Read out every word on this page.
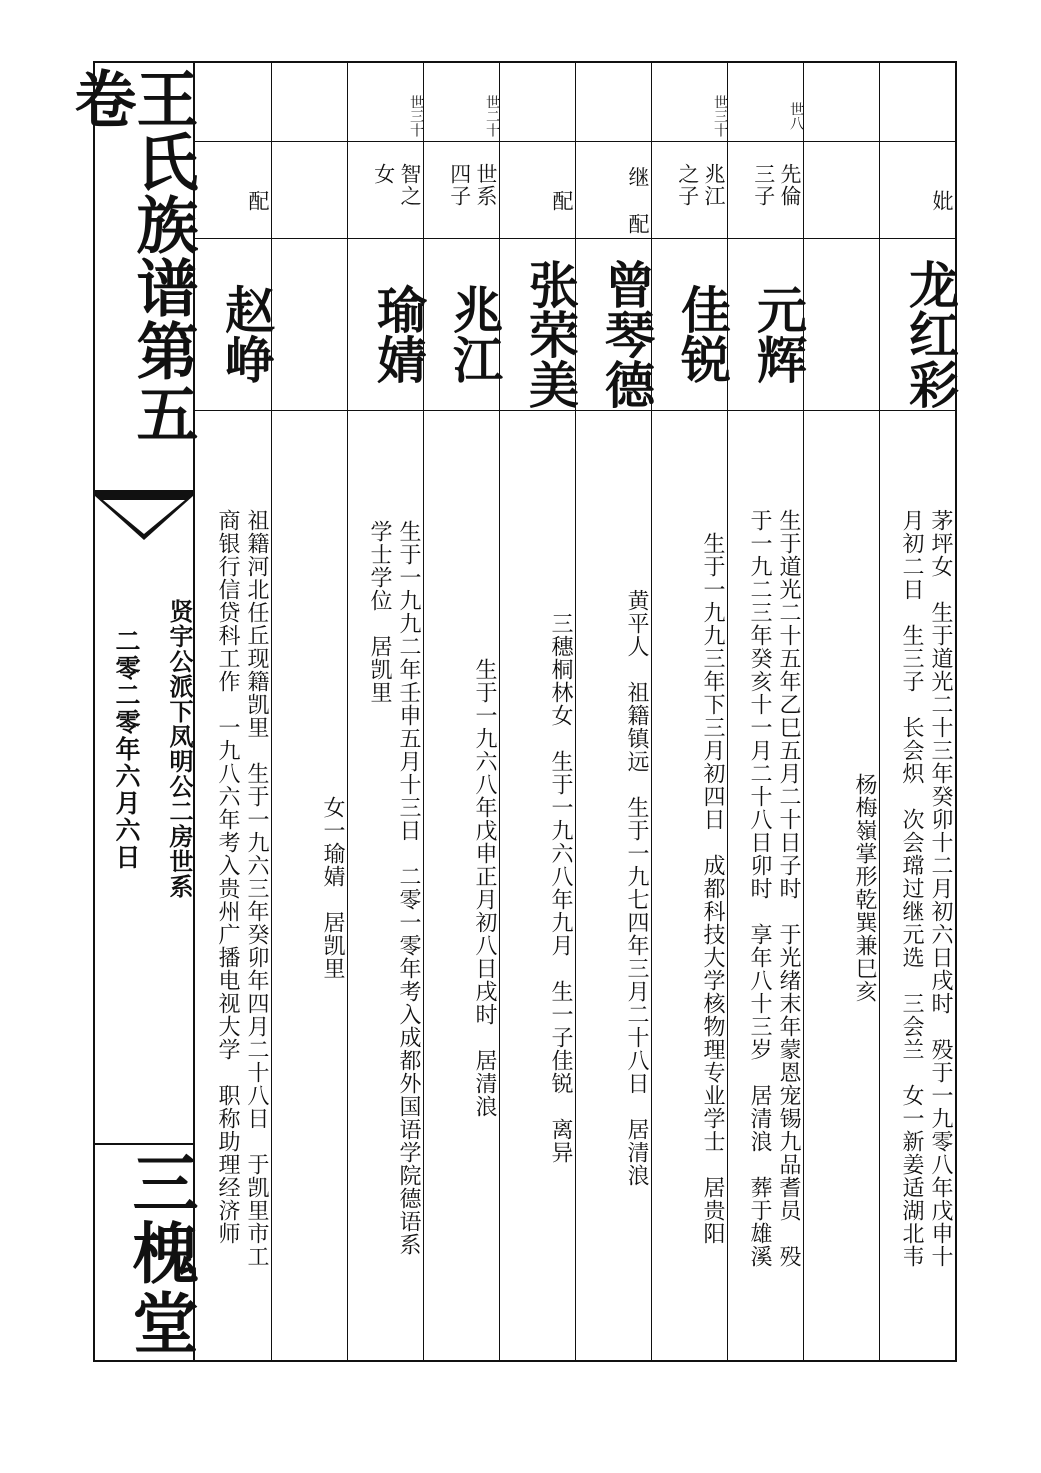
王氏族谱第五卷
贤宇公派下凤明公二房世系
二零二零年六月六日
三槐堂
配
赵峥
祖籍河北任丘现籍凯里　生于一九六三年癸卯年四月二十八日　于凯里市工
商银行信贷科工作　一九八六年考入贵州广播电视大学　职称助理经济师
女一瑜婧　居凯里
世三十
智之 女
瑜婧
生于一九九二年壬申五月十三日　二零一零年考入成都外国语学院德语系
学士学位　居凯里
世二十
世系 四子
兆江
生于一九六八年戊申正月初八日戌时　居清浪
配
张荣美
三穗桐林女　生于一九六八年九月　生一子佳锐　离异
继 配
曾琴德
黄平人　祖籍镇远　生于一九七四年三月二十八日　居清浪
世三十
兆江 之子
佳锐
生于一九九三年下三月初四日　成都科技大学核物理专业学士　居贵阳
世八
先倫 三子
元辉
生于道光二十五年乙巳五月二十日子时　于光绪末年蒙恩宠锡九品耆员　殁
于一九二三年癸亥十一月二十八日卯时　享年八十三岁　居清浪　葬于雄溪
杨梅嶺掌形乾巽兼巳亥
妣
龙红彩
茅坪女　生于道光二十三年癸卯十二月初六日戌时　殁于一九零八年戊申十
月初二日　生三子　长会炽　次会瑺过继元选　三会兰　女一新姜适湖北韦
